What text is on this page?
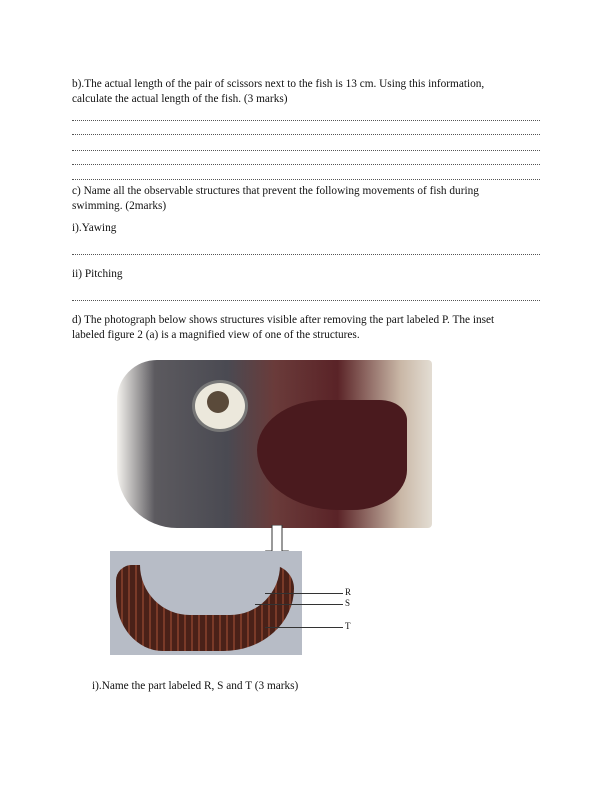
b).The actual length of the pair of scissors next to the fish is 13 cm. Using this information,
calculate the actual length of the fish. (3 marks)
c) Name all the observable structures that prevent the following movements of fish during
swimming. (2marks)
i).Yawing
ii) Pitching
d) The photograph below shows structures visible after removing the part labeled P. The inset
labeled figure 2 (a) is a magnified view of one of the structures.
R
S
T
i).Name the part labeled R, S and T (3 marks)
